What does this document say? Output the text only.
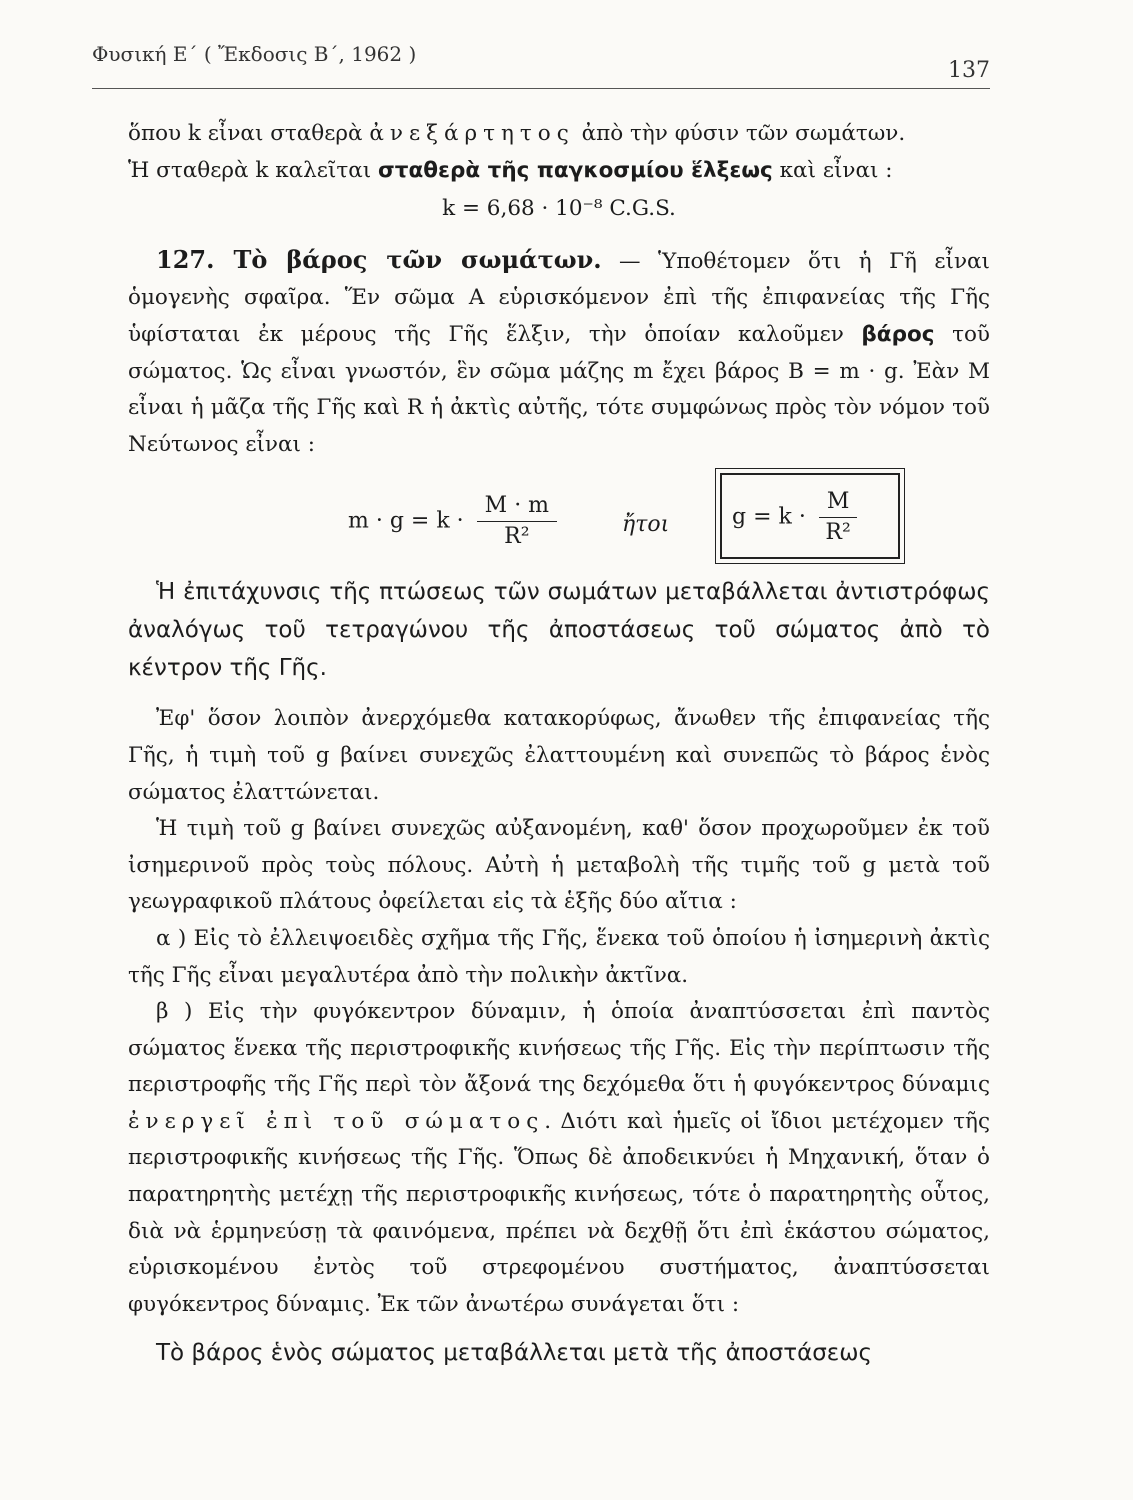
Φυσική Ε΄ ( Ἔκδοσις Β΄, 1962 )
137

ὅπου k εἶναι σταθερὰ ἀνεξάρτητος ἀπὸ τὴν φύσιν τῶν σωμάτων.

Ἡ σταθερὰ k καλεῖται σταθερὰ τῆς παγκοσμίου ἕλξεως καὶ εἶναι :

k = 6,68 · 10⁻⁸ C.G.S.

127. Τὸ βάρος τῶν σωμάτων. — Ὑποθέτομεν ὅτι ἡ Γῆ εἶναι ὁμογενὴς σφαῖρα. Ἕν σῶμα Α εὑρισκόμενον ἐπὶ τῆς ἐπιφανείας τῆς Γῆς ὑφίσταται ἐκ μέρους τῆς Γῆς ἕλξιν, τὴν ὁποίαν καλοῦμεν βάρος τοῦ σώματος. Ὡς εἶναι γνωστόν, ἓν σῶμα μάζης m ἔχει βάρος B = m · g. Ἐὰν M εἶναι ἡ μᾶζα τῆς Γῆς καὶ R ἡ ἀκτὶς αὐτῆς, τότε συμφώνως πρὸς τὸν νόμον τοῦ Νεύτωνος εἶναι :

$m \cdot g = k \cdot \frac{M \cdot m}{\text{R²}}$	ἤτοι	$g = k \cdot \frac{M}{\text{R²}}$

Ἡ ἐπιτάχυνσις τῆς πτώσεως τῶν σωμάτων μεταβάλλεται ἀντιστρόφως ἀναλόγως τοῦ τετραγώνου τῆς ἀποστάσεως τοῦ σώματος ἀπὸ τὸ κέντρον τῆς Γῆς.

Ἐφ' ὅσον λοιπὸν ἀνερχόμεθα κατακορύφως, ἄνωθεν τῆς ἐπιφανείας τῆς Γῆς, ἡ τιμὴ τοῦ g βαίνει συνεχῶς ἐλαττουμένη καὶ συνεπῶς τὸ βάρος ἑνὸς σώματος ἐλαττώνεται.

Ἡ τιμὴ τοῦ g βαίνει συνεχῶς αὐξανομένη, καθ' ὅσον προχωροῦμεν ἐκ τοῦ ἰσημερινοῦ πρὸς τοὺς πόλους. Αὐτὴ ἡ μεταβολὴ τῆς τιμῆς τοῦ g μετὰ τοῦ γεωγραφικοῦ πλάτους ὀφείλεται εἰς τὰ ἑξῆς δύο αἴτια :

α ) Εἰς τὸ ἐλλειψοειδὲς σχῆμα τῆς Γῆς, ἕνεκα τοῦ ὁποίου ἡ ἰσημερινὴ ἀκτὶς τῆς Γῆς εἶναι μεγαλυτέρα ἀπὸ τὴν πολικὴν ἀκτῖνα.

β ) Εἰς τὴν φυγόκεντρον δύναμιν, ἡ ὁποία ἀναπτύσσεται ἐπὶ παντὸς σώματος ἕνεκα τῆς περιστροφικῆς κινήσεως τῆς Γῆς. Εἰς τὴν περίπτωσιν τῆς περιστροφῆς τῆς Γῆς περὶ τὸν ἄξονά της δεχόμεθα ὅτι ἡ φυγόκεντρος δύναμις ἐνεργεῖ ἐπὶ τοῦ σώματος. Διότι καὶ ἡμεῖς οἱ ἴδιοι μετέχομεν τῆς περιστροφικῆς κινήσεως τῆς Γῆς. Ὅπως δὲ ἀποδεικνύει ἡ Μηχανική, ὅταν ὁ παρατηρητὴς μετέχῃ τῆς περιστροφικῆς κινήσεως, τότε ὁ παρατηρητὴς οὗτος, διὰ νὰ ἑρμηνεύσῃ τὰ φαινόμενα, πρέπει νὰ δεχθῇ ὅτι ἐπὶ ἑκάστου σώματος, εὑρισκομένου ἐντὸς τοῦ στρεφομένου συστήματος, ἀναπτύσσεται φυγόκεντρος δύναμις. Ἐκ τῶν ἀνωτέρω συνάγεται ὅτι :

Τὸ βάρος ἑνὸς σώματος μεταβάλλεται μετὰ τῆς ἀποστάσεως
